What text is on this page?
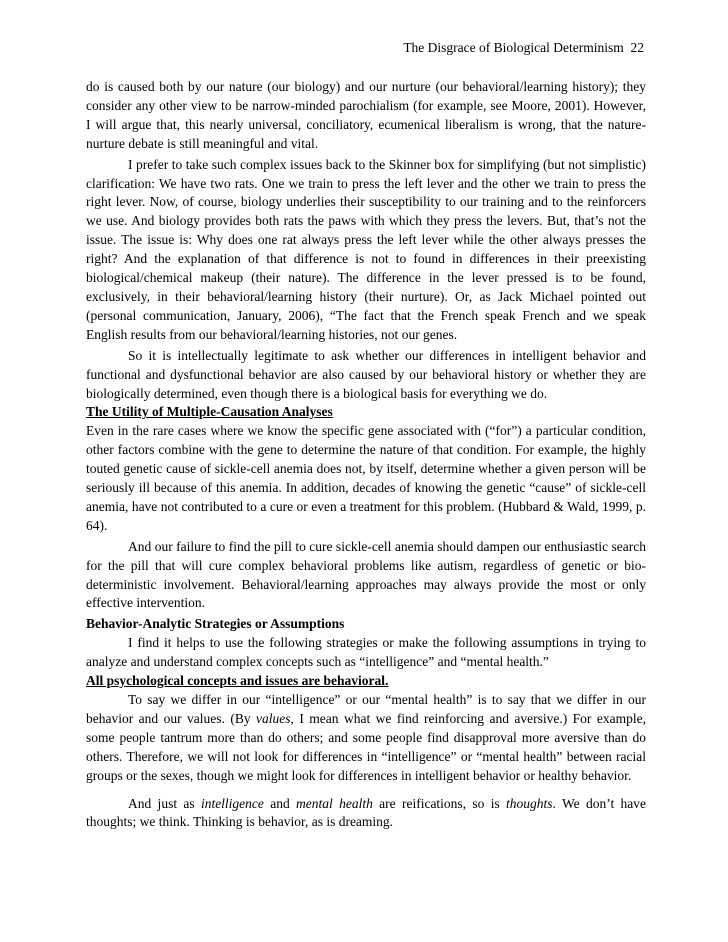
The Disgrace of Biological Determinism 22

do is caused both by our nature (our biology) and our nurture (our behavioral/learning history); they consider any other view to be narrow-minded parochialism (for example, see Moore, 2001). However, I will argue that, this nearly universal, conciliatory, ecumenical liberalism is wrong, that the nature-nurture debate is still meaningful and vital.

I prefer to take such complex issues back to the Skinner box for simplifying (but not simplistic) clarification: We have two rats. One we train to press the left lever and the other we train to press the right lever. Now, of course, biology underlies their susceptibility to our training and to the reinforcers we use. And biology provides both rats the paws with which they press the levers. But, that’s not the issue. The issue is: Why does one rat always press the left lever while the other always presses the right? And the explanation of that difference is not to found in differences in their preexisting biological/chemical makeup (their nature). The difference in the lever pressed is to be found, exclusively, in their behavioral/learning history (their nurture). Or, as Jack Michael pointed out (personal communication, January, 2006), “The fact that the French speak French and we speak English results from our behavioral/learning histories, not our genes.

So it is intellectually legitimate to ask whether our differences in intelligent behavior and functional and dysfunctional behavior are also caused by our behavioral history or whether they are biologically determined, even though there is a biological basis for everything we do.

The Utility of Multiple-Causation Analyses

Even in the rare cases where we know the specific gene associated with (“for”) a particular condition, other factors combine with the gene to determine the nature of that condition. For example, the highly touted genetic cause of sickle-cell anemia does not, by itself, determine whether a given person will be seriously ill because of this anemia. In addition, decades of knowing the genetic “cause” of sickle-cell anemia, have not contributed to a cure or even a treatment for this problem. (Hubbard & Wald, 1999, p. 64).

And our failure to find the pill to cure sickle-cell anemia should dampen our enthusiastic search for the pill that will cure complex behavioral problems like autism, regardless of genetic or bio-deterministic involvement. Behavioral/learning approaches may always provide the most or only effective intervention.

Behavior-Analytic Strategies or Assumptions

I find it helps to use the following strategies or make the following assumptions in trying to analyze and understand complex concepts such as “intelligence” and “mental health.”

All psychological concepts and issues are behavioral.

To say we differ in our “intelligence” or our “mental health” is to say that we differ in our behavior and our values. (By values, I mean what we find reinforcing and aversive.) For example, some people tantrum more than do others; and some people find disapproval more aversive than do others. Therefore, we will not look for differences in “intelligence” or “mental health” between racial groups or the sexes, though we might look for differences in intelligent behavior or healthy behavior.

And just as intelligence and mental health are reifications, so is thoughts. We don’t have thoughts; we think. Thinking is behavior, as is dreaming.
